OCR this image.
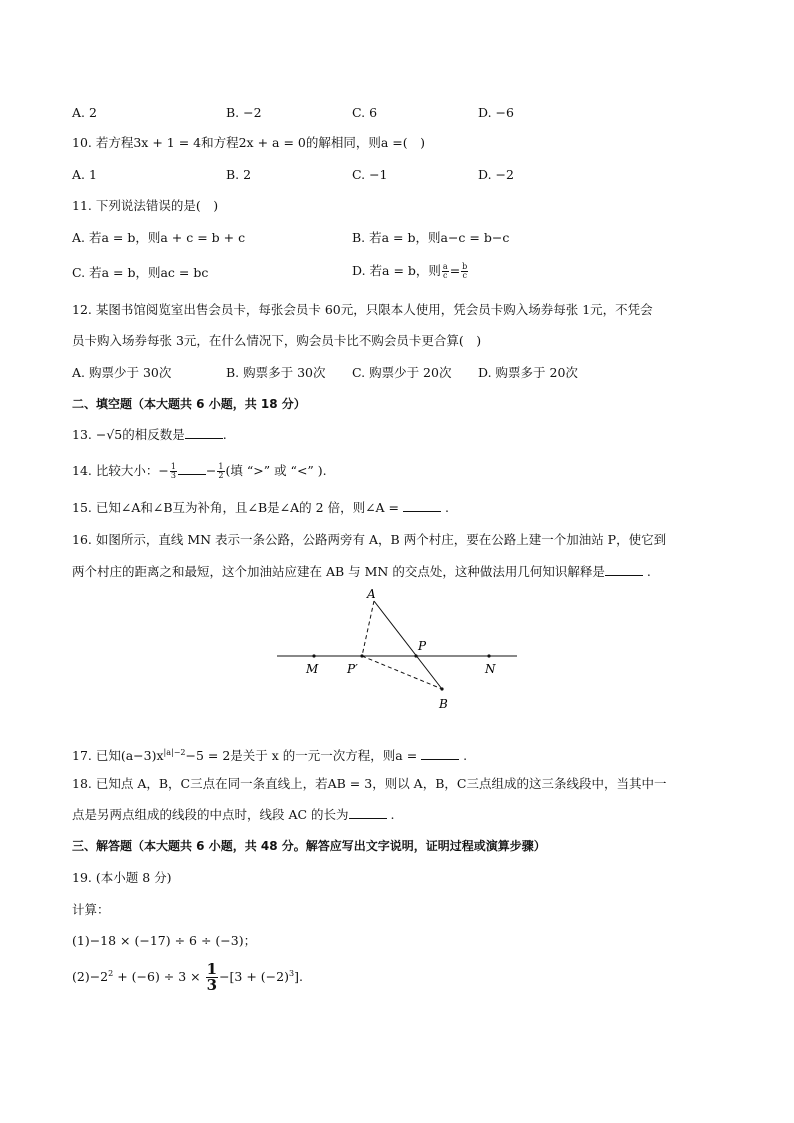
A. 2	B. −2	C. 6	D. −6
10. 若方程3x + 1 = 4和方程2x + a = 0的解相同，则a =(　)
A. 1	B. 2	C. −1	D. −2
11. 下列说法错误的是(　)
A. 若a = b，则a + c = b + c	B. 若a = b，则a−c = b−c
C. 若a = b，则ac = bc	D. 若a = b，则 $\frac{a}{c} = \frac{b}{c}$
12. 某图书馆阅览室出售会员卡，每张会员卡 60元，只限本人使用，凭会员卡购入场券每张 1元，不凭会
员卡购入场券每张 3元，在什么情况下，购会员卡比不购会员卡更合算(　)
A. 购票少于 30次	B. 购票多于 30次 C. 购票少于 20次 D. 购票多于 20次
二、填空题（本大题共 6 小题，共 18 分）
13. −√5的相反数是	.
14. 比较大小：− $\frac{1}{3} - \frac{1}{2}$ (填 “>” 或 “<” ).
15. 已知∠A和∠B互为补角，且∠B是∠A的 2 倍，则∠A =	.
16. 如图所示，直线 MN 表示一条公路，公路两旁有 A，B 两个村庄，要在公路上建一个加油站 P，使它到
两个村庄的距离之和最短，这个加油站应建在 AB 与 MN 的交点处，这种做法用几何知识解释是	.
A
P
M P′	N
B
17. 已知$(a-3)x^{|a|-2}-5 = 2$是关于 x 的一元一次方程，则a =	.
18. 已知点 A，B，C三点在同一条直线上，若AB = 3，则以 A，B，C三点组成的这三条线段中，当其中一
点是另两点组成的线段的中点时，线段 AC 的长为	.
三、解答题（本大题共 6 小题，共 48 分。解答应写出文字说明，证明过程或演算步骤）
19. (本小题 8 分)
计算：
(1)−18 × (−17) ÷ 6 ÷ (−3)；
$(2)-2^2 + (-6) \div 3 \times \frac{1}{3} -[3 + (-2)^3]$.
